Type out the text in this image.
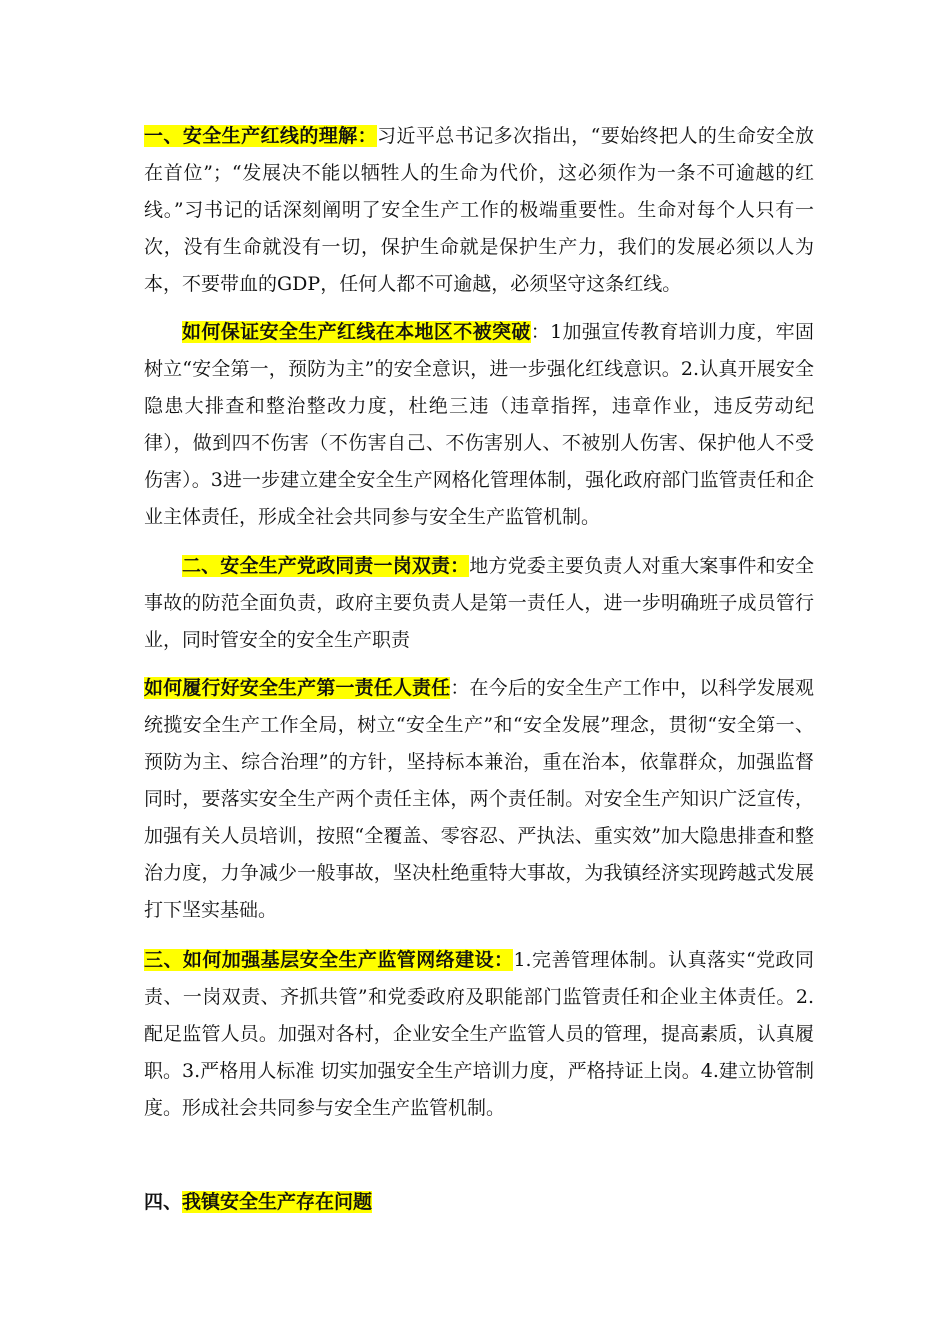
一、安全生产红线的理解：习近平总书记多次指出，“要始终把人的生命安全放在首位”；“发展决不能以牺牲人的生命为代价，这必须作为一条不可逾越的红线。”习书记的话深刻阐明了安全生产工作的极端重要性。生命对每个人只有一次，没有生命就没有一切，保护生命就是保护生产力，我们的发展必须以人为本，不要带血的GDP，任何人都不可逾越，必须坚守这条红线。

如何保证安全生产红线在本地区不被突破：1加强宣传教育培训力度，牢固树立“安全第一，预防为主”的安全意识，进一步强化红线意识。2.认真开展安全隐患大排查和整治整改力度，杜绝三违（违章指挥，违章作业，违反劳动纪律），做到四不伤害（不伤害自己、不伤害别人、不被别人伤害、保护他人不受伤害）。3进一步建立建全安全生产网格化管理体制，强化政府部门监管责任和企业主体责任，形成全社会共同参与安全生产监管机制。

二、安全生产党政同责一岗双责：地方党委主要负责人对重大案事件和安全事故的防范全面负责，政府主要负责人是第一责任人，进一步明确班子成员管行业，同时管安全的安全生产职责

如何履行好安全生产第一责任人责任：在今后的安全生产工作中，以科学发展观统揽安全生产工作全局，树立“安全生产”和“安全发展”理念，贯彻“安全第一、预防为主、综合治理”的方针，坚持标本兼治，重在治本，依靠群众，加强监督同时，要落实安全生产两个责任主体，两个责任制。对安全生产知识广泛宣传，加强有关人员培训，按照“全覆盖、零容忍、严执法、重实效”加大隐患排查和整治力度，力争减少一般事故，坚决杜绝重特大事故，为我镇经济实现跨越式发展打下坚实基础。

三、如何加强基层安全生产监管网络建设：1.完善管理体制。认真落实“党政同责、一岗双责、齐抓共管”和党委政府及职能部门监管责任和企业主体责任。2.配足监管人员。加强对各村，企业安全生产监管人员的管理，提高素质，认真履职。3.严格用人标准 切实加强安全生产培训力度，严格持证上岗。4.建立协管制度。形成社会共同参与安全生产监管机制。

四、我镇安全生产存在问题
